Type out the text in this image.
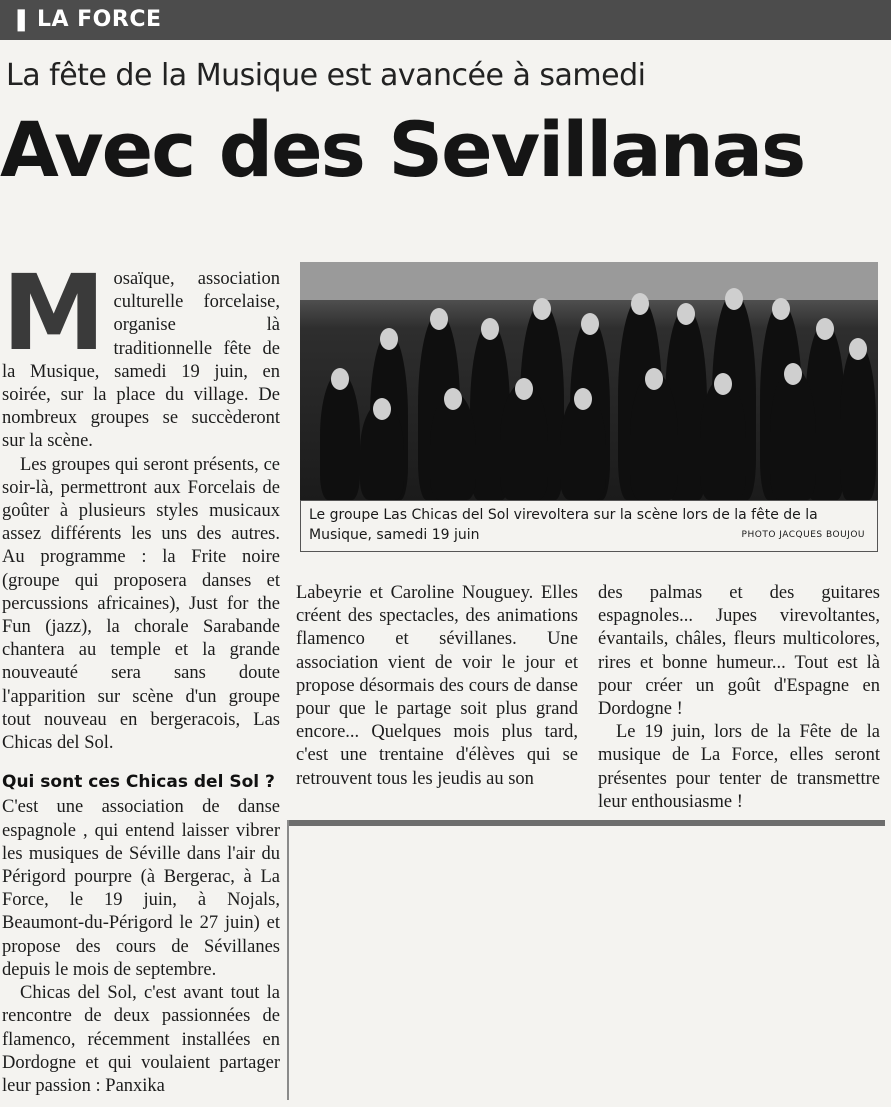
❚ LA FORCE
La fête de la Musique est avancée à samedi
Avec des Sevillanas

Mosaïque, association culturelle forcelaise, organise là traditionnelle fête de la Musique, samedi 19 juin, en soirée, sur la place du village. De nombreux groupes se succèderont sur la scène.

Les groupes qui seront présents, ce soir-là, permettront aux Forcelais de goûter à plusieurs styles musicaux assez différents les uns des autres. Au programme : la Frite noire (groupe qui proposera danses et percussions africaines), Just for the Fun (jazz), la chorale Sarabande chantera au temple et la grande nouveauté sera sans doute l'apparition sur scène d'un groupe tout nouveau en bergeracois, Las Chicas del Sol.

Qui sont ces Chicas del Sol ?

C'est une association de danse espagnole , qui entend laisser vibrer les musiques de Séville dans l'air du Périgord pourpre (à Bergerac, à La Force, le 19 juin, à Nojals, Beaumont-du-Périgord le 27 juin) et propose des cours de Sévillanes depuis le mois de septembre.

Chicas del Sol, c'est avant tout la rencontre de deux passionnées de flamenco, récemment installées en Dordogne et qui voulaient partager leur passion : Panxika

Le groupe Las Chicas del Sol virevoltera sur la scène lors de la fête de la Musique, samedi 19 juin	PHOTO JACQUES BOUJOU

Labeyrie et Caroline Nouguey. Elles créent des spectacles, des animations flamenco et sévillanes. Une association vient de voir le jour et propose désormais des cours de danse pour que le partage soit plus grand encore... Quelques mois plus tard, c'est une trentaine d'élèves qui se retrouvent tous les jeudis au son

des palmas et des guitares espagnoles... Jupes virevoltantes, évantails, châles, fleurs multicolores, rires et bonne humeur... Tout est là pour créer un goût d'Espagne en Dordogne !

Le 19 juin, lors de la Fête de la musique de La Force, elles seront présentes pour tenter de transmettre leur enthousiasme !
